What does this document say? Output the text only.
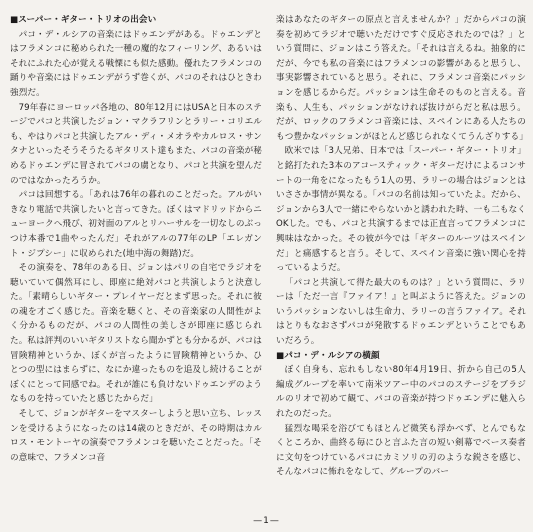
■スーパー・ギター・トリオの出会い

パコ・デ・ルシアの音楽にはドゥエンデがある。ドゥエンデとはフラメンコに秘められた一種の魔的なフィーリング、あるいはそれにふれた心が覚える戦慄にも似た感動。優れたフラメンコの踊りや音楽にはドゥエンデがうず巻くが、パコのそれはひときわ強烈だ。

79年春にヨーロッパ各地の、80年12月にはUSAと日本のステージでパコと共演したジョン・マクラフリンとラリー・コリエルも、やはりパコと共演したアル・ディ・メオラやカルロス・サンタナといったそうそうたるギタリスト達もまた、パコの音楽が秘めるドゥエンデに冒されてパコの虜となり、パコと共演を望んだのではなかったろうか。

パコは回想する。「あれは76年の暮れのことだった。アルがいきなり電話で共演したいと言ってきた。ぼくはマドリッドからニューヨークへ飛び、初対面のアルとリハーサルを一切なしのぶっつけ本番で1曲やったんだ」それがアルの77年のLP「エレガント・ジプシー」に収められた(地中海の舞踏)だ。

その演奏を、78年のある日、ジョンはパリの自宅でラジオを聴いていて偶然耳にし、即座に絶対パコと共演しようと決意した。「素晴らしいギター・プレイヤーだとまず思った。それに彼の魂を才ごく感じた。音楽を聴くと、その音楽家の人間性がよく分かるものだが、パコの人間性の美しさが即座に感じられた。私は評判のいいギタリストなら聞かずとも分かるが、パコは冒険精神というか、ぼくが言ったように冒険精神というか、ひとつの型にはまらずに、なにか違ったものを追及し続けることがぼくにとって同感でね。それが誰にも負けないドゥエンデのようなものを持っていたと感じたからだ」

そして、ジョンがギターをマスターしようと思い立ち、レッスンを受けるようになったのは14歳のときだが、その時期はカルロス・モントーヤの演奏でフラメンコを聴いたことだった。「その意味で、フラメンコ音

楽はあなたのギターの原点と言えませんか？」だからパコの演奏を初めてラジオで聴いただけですぐ反応されたのでは？」という質問に、ジョンはこう答えた。「それは言えるね。抽象的にだが、今でも私の音楽にはフラメンコの影響があると思うし、事実影響されていると思う。それに、フラメンコ音楽にパッションを感じるからだ。パッションは生命そのものと言える。音楽も、人生も、パッションがなければ抜けがらだと私は思う。だが、ロックのフラメンコ音楽には、スペインにある人たちのもつ豊かなパッションがほとんど感じられなくてうんざりする」

欧米では「3人兄弟、日本では「スーパー・ギター・トリオ」と銘打たれた3本のアコースティック・ギターだけによるコンサートの一角をになったもう1人の男、ラリーの場合はジョンとはいささか事情が異なる。「パコの名前は知っていたよ。だから、ジョンから3人で一緒にやらないかと誘われた時、一も二もなくOKした。でも、パコと共演するまでは正直言ってフラメンコに興味はなかった。その彼が今では「ギターのルーツはスペインだ」と痛感すると言う。そして、スペイン音楽に強い関心を持っているようだ。

「パコと共演して得た最大のものは？」という質問に、ラリーは「ただ一言『ファイア！』と叫ぶように答えた。ジョンのいうパッションないしは生命力、ラリーの言うファイア。それはとりもなおさずパコが発散するドゥエンデということでもあいだろう。

■パコ・デ・ルシアの横顔

ぼく自身も、忘れもしない80年4月19日、折から自己の5人編成グループを率いて南米ツアー中のパコのステージをブラジルのリオで初めて観て、パコの音楽が持つドゥエンデに魅入られたのだった。

猛烈な喝采を浴びてもほとんど微笑も浮かべず、とんでもなくところか、曲終る毎にひと言ふた言の短い剣幕でベース奏者に文句をつけているパコにカミソリの刃のような鋭さを感じ、そんなパコに怖れをなして、グループのバー

—1—
